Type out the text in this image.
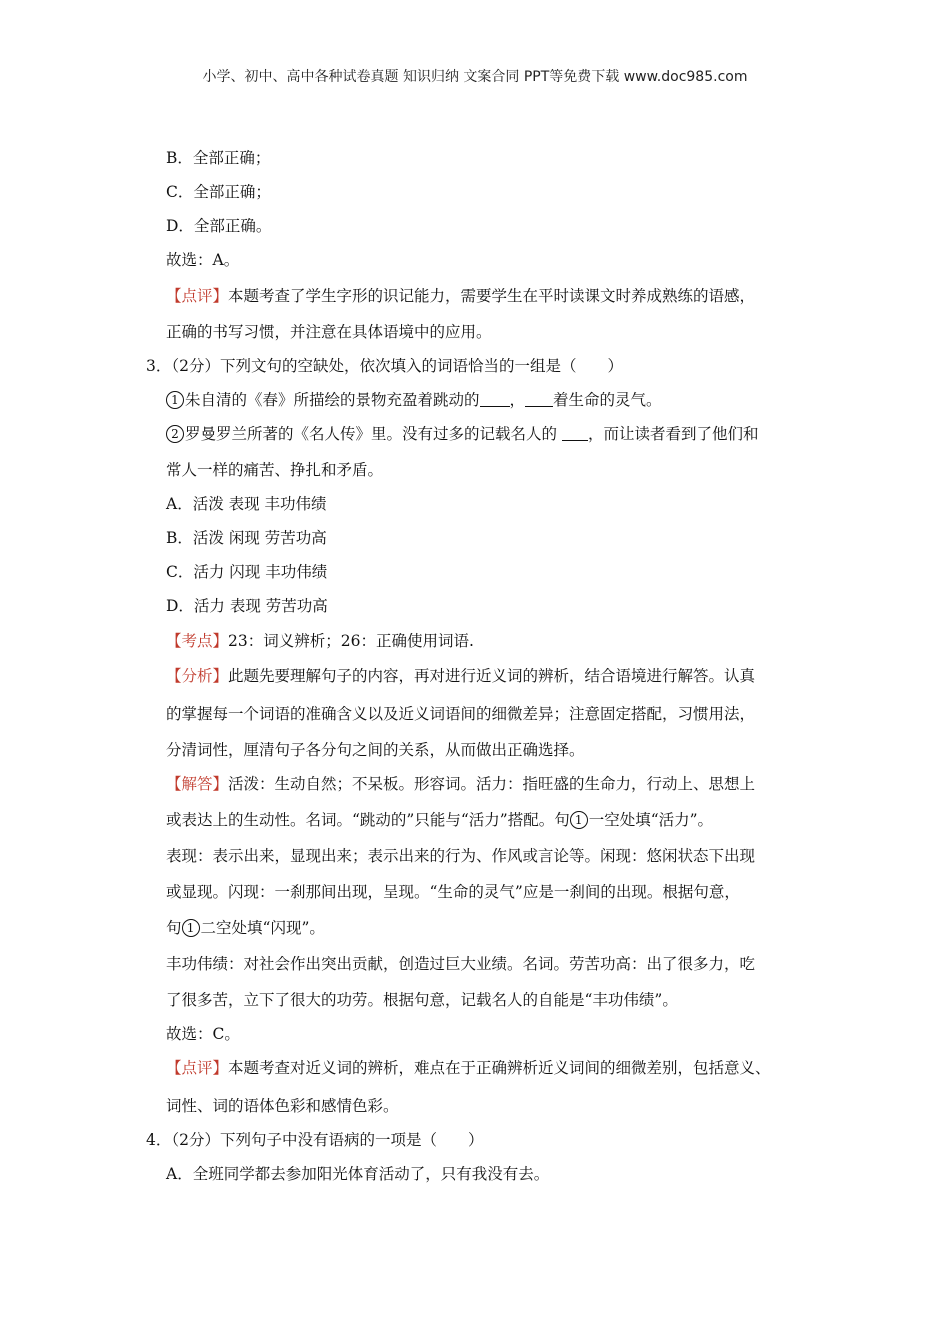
小学、初中、高中各种试卷真题 知识归纳 文案合同 PPT等免费下载 www.doc985.com
B．全部正确；
C．全部正确；
D．全部正确。
故选：A。
【点评】本题考查了学生字形的识记能力，需要学生在平时读课文时养成熟练的语感，
正确的书写习惯，并注意在具体语境中的应用。
3．（2分）下列文句的空缺处，依次填入的词语恰当的一组是（　　）
1 朱自清的《春》所描绘的景物充盈着跳动的 ， 着生命的灵气。
2 罗曼罗兰所著的《名人传》里。没有过多的记载名人的 ，而让读者看到了他们和
常人一样的痛苦、挣扎和矛盾。
A．活泼 表现 丰功伟绩
B．活泼 闲现 劳苦功高
C．活力 闪现 丰功伟绩
D．活力 表现 劳苦功高
【考点】23：词义辨析；26：正确使用词语.
【分析】此题先要理解句子的内容，再对进行近义词的辨析，结合语境进行解答。认真
的掌握每一个词语的准确含义以及近义词语间的细微差异；注意固定搭配，习惯用法，
分清词性，厘清句子各分句之间的关系，从而做出正确选择。
【解答】活泼：生动自然；不呆板。形容词。活力：指旺盛的生命力，行动上、思想上
或表达上的生动性。名词。“跳动的”只能与“活力”搭配。句 1 一空处填“活力”。
表现：表示出来，显现出来；表示出来的行为、作风或言论等。闲现：悠闲状态下出现
或显现。闪现：一刹那间出现，呈现。“生命的灵气”应是一刹间的出现。根据句意，
句 1 二空处填“闪现”。
丰功伟绩：对社会作出突出贡献，创造过巨大业绩。名词。劳苦功高：出了很多力，吃
了很多苦，立下了很大的功劳。根据句意，记载名人的自能是“丰功伟绩”。
故选：C。
【点评】本题考查对近义词的辨析，难点在于正确辨析近义词间的细微差别，包括意义、
词性、词的语体色彩和感情色彩。
4．（2分）下列句子中没有语病的一项是（　　）
A．全班同学都去参加阳光体育活动了，只有我没有去。
